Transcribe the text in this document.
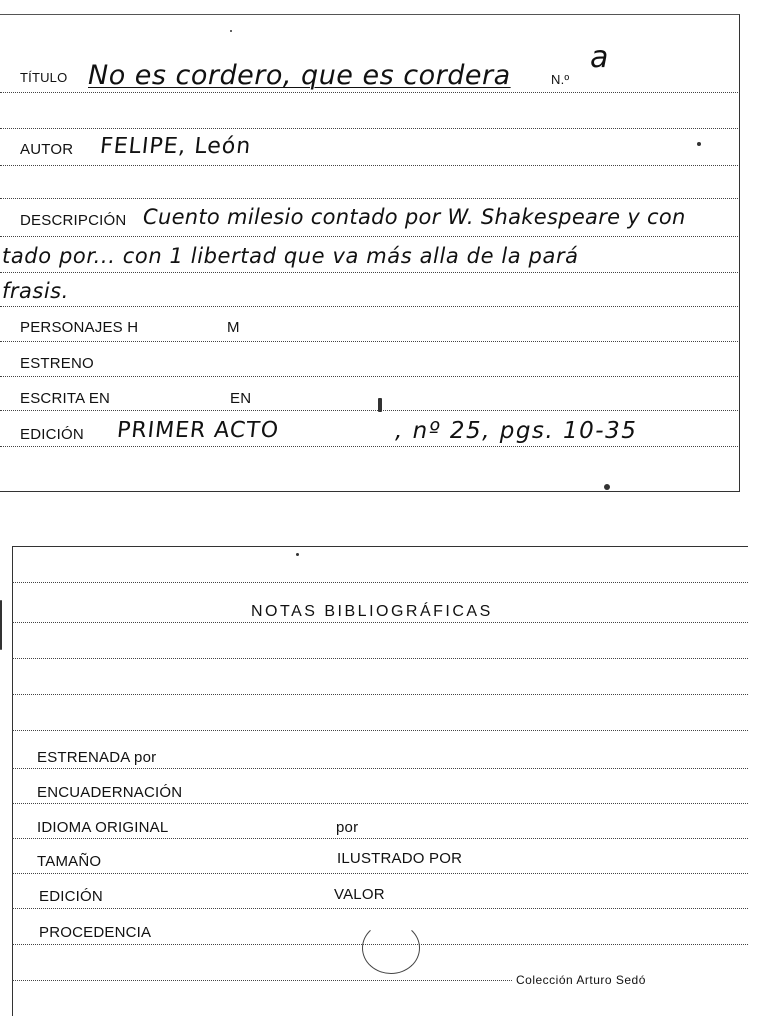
TÍTULO No es cordero, que es cordera	N.º
a
AUTOR FELIPE, León
DESCRIPCIÓN Cuento milesio contado por W. Shakespeare y con
tado por... con 1 libertad que va más alla de la pará
frasis.
PERSONAJES H	M
ESTRENO
ESCRITA EN	EN
EDICIÓN PRIMER ACTO	, nº 25, pgs. 10-35
NOTAS BIBLIOGRÁFICAS
ESTRENADA por
ENCUADERNACIÓN
IDIOMA ORIGINAL	por
TAMAÑO	ILUSTRADO POR
EDICIÓN	VALOR
PROCEDENCIA
Colección Arturo Sedó
